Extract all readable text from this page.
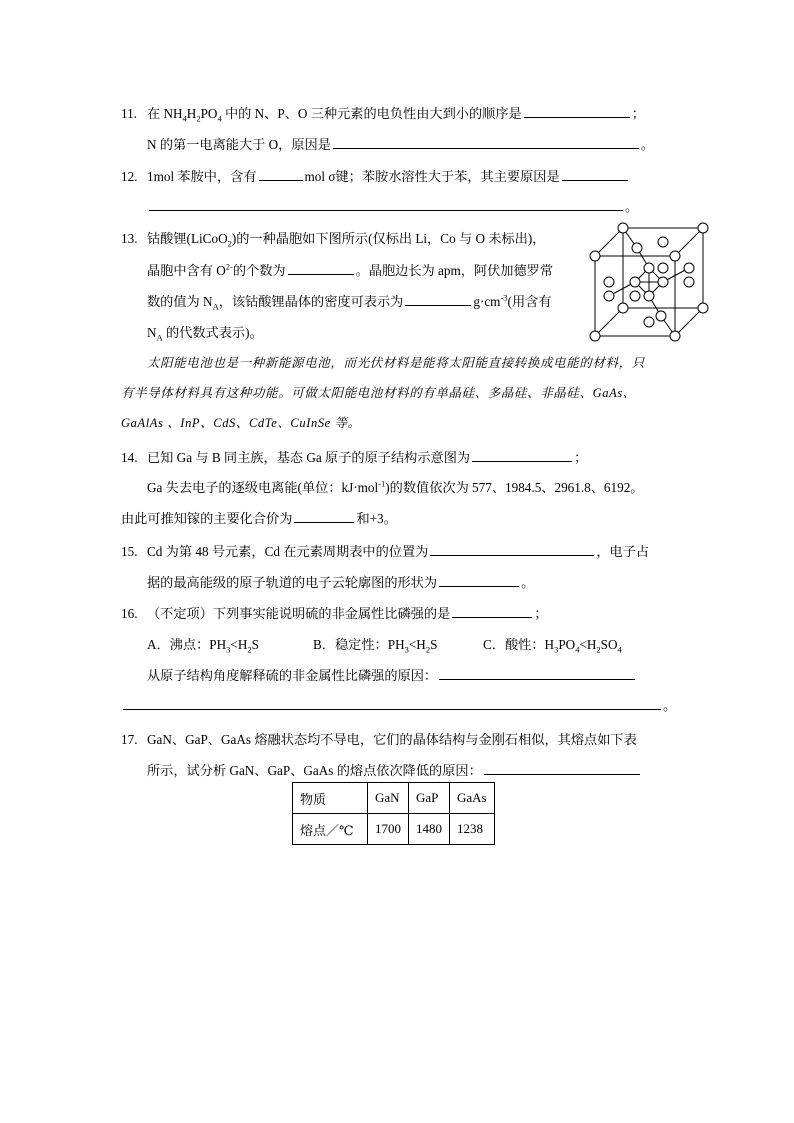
11. 在 $NH_4H_2PO_4$ 中的 N、P、O 三种元素的电负性由大到小的顺序是	；
N 的第一电离能大于 O，原因是	。
12. 1mol 苯胺中，含有	mol σ键；苯胺水溶性大于苯，其主要原因是
。
13. 钴酸锂(LiCoO$_2$)的一种晶胞如下图所示(仅标出 Li，Co 与 O 未标出)，
晶胞中含有 $O^{2-}$的个数为	。晶胞边长为 apm，阿伏加德罗常
数的值为 $N_A$，该钴酸锂晶体的密度可表示为	$g\cdot cm^{-3}$(用含有
$N_A$ 的代数式表示)。
太阳能电池也是一种新能源电池，而光伏材料是能将太阳能直接转换成电能的材料，只
有半导体材料具有这种功能。可做太阳能电池材料的有单晶硅、多晶硅、非晶硅、GaAs、
GaAlAs 、InP、CdS、CdTe、CuInSe 等。
14. 已知 Ga 与 B 同主族，基态 Ga 原子的原子结构示意图为	；
Ga 失去电子的逐级电离能(单位：kJ·mol$^{-1}$)的数值依次为 577、1984.5、2961.8、6192。
由此可推知镓的主要化合价为	和+3。
15. Cd 为第 48 号元素，Cd 在元素周期表中的位置为	，电子占
据的最高能级的原子轨道的电子云轮廓图的形状为	。
16. （不定项）下列事实能说明硫的非金属性比磷强的是	；
A．沸点：$PH_3<H_2S$	B．稳定性：$PH_3<H_2S$	C．酸性：$H_3PO_4<H_2SO_4$
从原子结构角度解释硫的非金属性比磷强的原因：
。
17. GaN、GaP、GaAs 熔融状态均不导电，它们的晶体结构与金刚石相似，其熔点如下表
所示，试分析 GaN、GaP、GaAs 的熔点依次降低的原因：
物质	GaN	GaP	GaAs
熔点／℃	1700	1480	1238
